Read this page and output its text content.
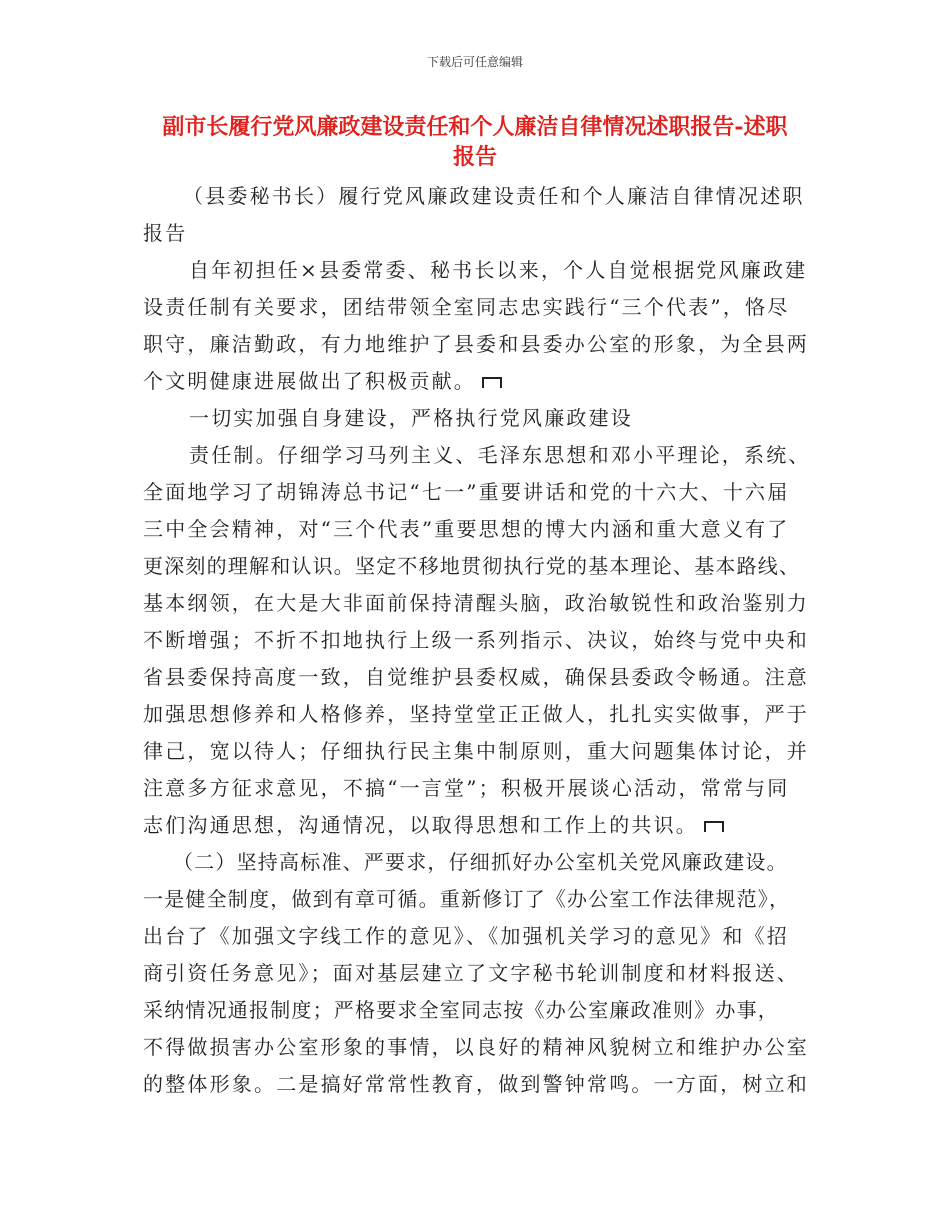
下载后可任意编辑
副市长履行党风廉政建设责任和个人廉洁自律情况述职报告-述职
报告
（县委秘书长）履行党风廉政建设责任和个人廉洁自律情况述职
报告
自年初担任×县委常委、秘书长以来，个人自觉根据党风廉政建
设责任制有关要求，团结带领全室同志忠实践行“三个代表”，恪尽
职守，廉洁勤政，有力地维护了县委和县委办公室的形象，为全县两
个文明健康进展做出了积极贡献。
一切实加强自身建设，严格执行党风廉政建设
责任制。仔细学习马列主义、毛泽东思想和邓小平理论，系统、
全面地学习了胡锦涛总书记“七一”重要讲话和党的十六大、十六届
三中全会精神，对“三个代表”重要思想的博大内涵和重大意义有了
更深刻的理解和认识。坚定不移地贯彻执行党的基本理论、基本路线、
基本纲领，在大是大非面前保持清醒头脑，政治敏锐性和政治鉴别力
不断增强；不折不扣地执行上级一系列指示、决议，始终与党中央和
省县委保持高度一致，自觉维护县委权威，确保县委政令畅通。注意
加强思想修养和人格修养，坚持堂堂正正做人，扎扎实实做事，严于
律己，宽以待人；仔细执行民主集中制原则，重大问题集体讨论，并
注意多方征求意见，不搞“一言堂”；积极开展谈心活动，常常与同
志们沟通思想，沟通情况，以取得思想和工作上的共识。
（二）坚持高标准、严要求，仔细抓好办公室机关党风廉政建设。
一是健全制度，做到有章可循。重新修订了《办公室工作法律规范》，
出台了《加强文字线工作的意见》、《加强机关学习的意见》和《招
商引资任务意见》；面对基层建立了文字秘书轮训制度和材料报送、
采纳情况通报制度；严格要求全室同志按《办公室廉政准则》办事，
不得做损害办公室形象的事情，以良好的精神风貌树立和维护办公室
的整体形象。二是搞好常常性教育，做到警钟常鸣。一方面，树立和
